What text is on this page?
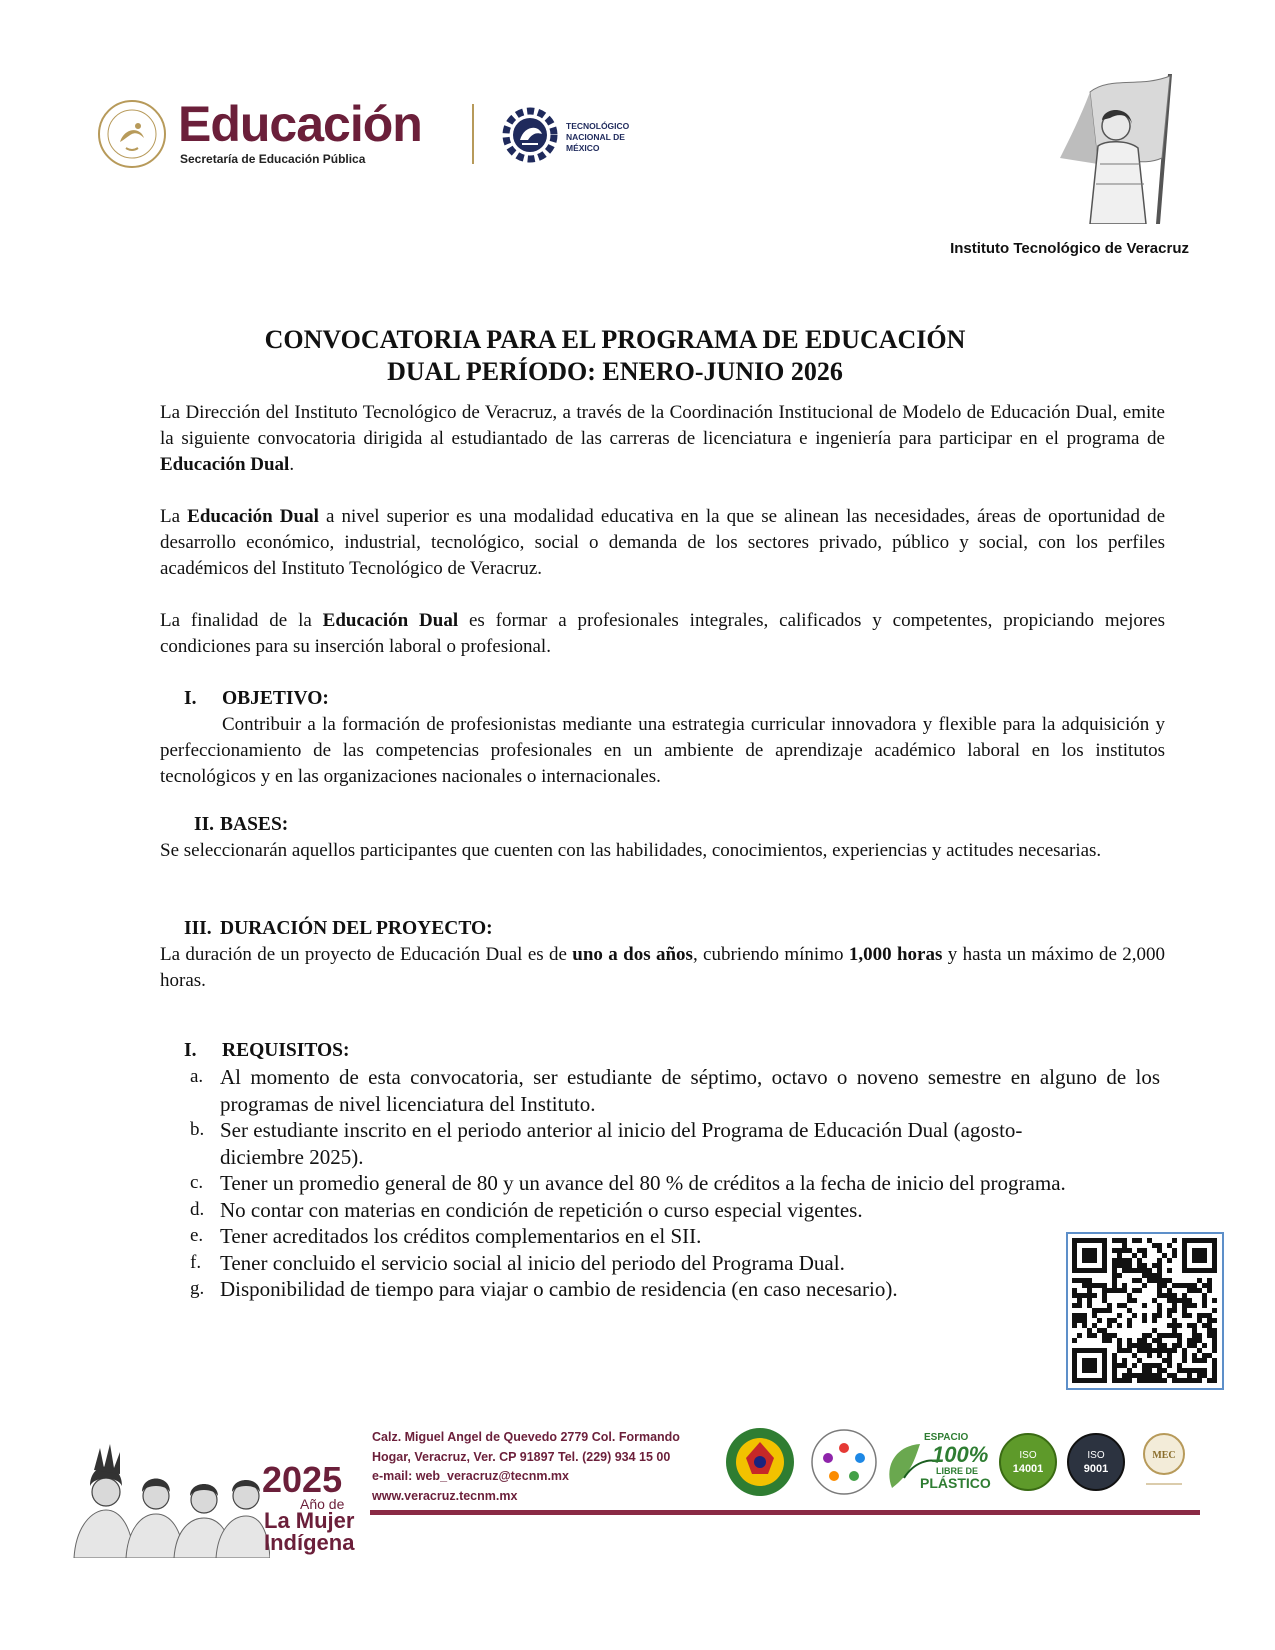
Educación
Secretaría de Educación Pública
TECNOLÓGICO
NACIONAL DE MÉXICO
Instituto Tecnológico de Veracruz
CONVOCATORIA PARA EL PROGRAMA DE EDUCACIÓN
DUAL PERÍODO: ENERO-JUNIO 2026
La Dirección del Instituto Tecnológico de Veracruz, a través de la Coordinación Institucional de Modelo de Educación Dual, emite la siguiente convocatoria dirigida al estudiantado de las carreras de licenciatura e ingeniería para participar en el programa de Educación Dual.
La Educación Dual a nivel superior es una modalidad educativa en la que se alinean las necesidades, áreas de oportunidad de desarrollo económico, industrial, tecnológico, social o demanda de los sectores privado, público y social, con los perfiles académicos del Instituto Tecnológico de Veracruz.
La finalidad de la Educación Dual es formar a profesionales integrales, calificados y competentes, propiciando mejores condiciones para su inserción laboral o profesional.
I. OBJETIVO:
Contribuir a la formación de profesionistas mediante una estrategia curricular innovadora y flexible para la adquisición y perfeccionamiento de las competencias profesionales en un ambiente de aprendizaje académico laboral en los institutos tecnológicos y en las organizaciones nacionales o internacionales.
II. BASES:
Se seleccionarán aquellos participantes que cuenten con las habilidades, conocimientos, experiencias y actitudes necesarias.
III. DURACIÓN DEL PROYECTO:
La duración de un proyecto de Educación Dual es de uno a dos años, cubriendo mínimo 1,000 horas y hasta un máximo de 2,000 horas.
I. REQUISITOS:
a. Al momento de esta convocatoria, ser estudiante de séptimo, octavo o noveno semestre en alguno de los programas de nivel licenciatura del Instituto.
b. Ser estudiante inscrito en el periodo anterior al inicio del Programa de Educación Dual (agosto-diciembre 2025).
c. Tener un promedio general de 80 y un avance del 80 % de créditos a la fecha de inicio del programa.
d. No contar con materias en condición de repetición o curso especial vigentes.
e. Tener acreditados los créditos complementarios en el SII.
f. Tener concluido el servicio social al inicio del periodo del Programa Dual.
g. Disponibilidad de tiempo para viajar o cambio de residencia (en caso necesario).
2025
Año de
La Mujer
Indígena
Calz. Miguel Angel de Quevedo 2779 Col. Formando
Hogar, Veracruz, Ver. CP 91897 Tel. (229) 934 15 00
e-mail: web_veracruz@tecnm.mx
www.veracruz.tecnm.mx
ESPACIO
100%
LIBRE DE
PLÁSTICO
ISO
14001
ISO
9001
MEC
